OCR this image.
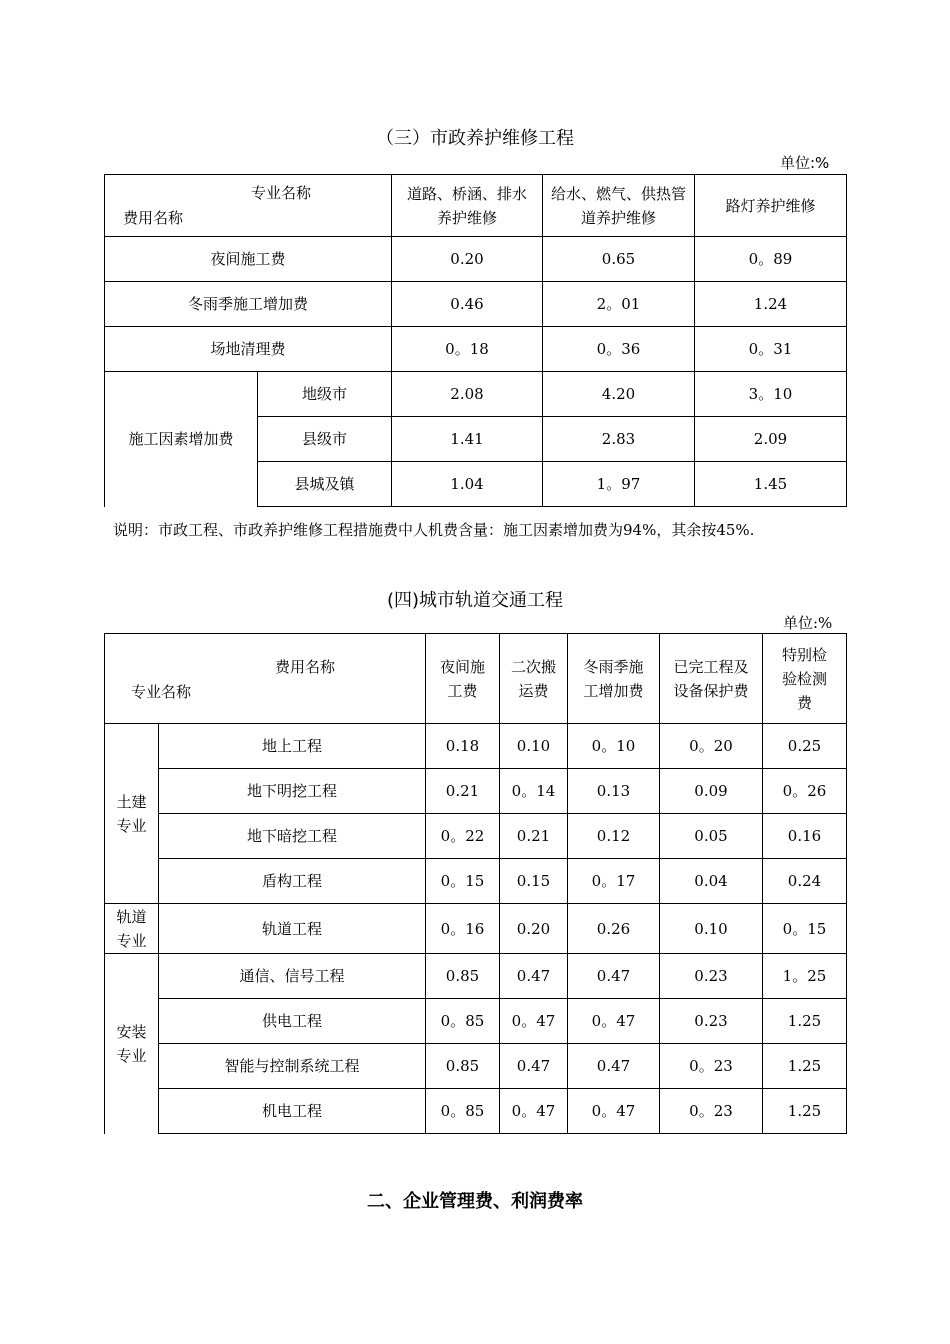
（三）市政养护维修工程
单位:%
专业名称
费用名称		道路、桥涵、排水养护维修	给水、燃气、供热管道养护维修	路灯养护维修
夜间施工费		0.20	0.65	0。89
冬雨季施工增加费		0.46	2。01	1.24
场地清理费		0。18	0。36	0。31
施工因素增加费	地级市	2.08	4.20	3。10
	县级市	1.41	2.83	2.09
	县城及镇	1.04	1。97	1.45
说明：市政工程、市政养护维修工程措施费中人机费含量：施工因素增加费为94%，其余按45%.
(四)城市轨道交通工程
单位:%
费用名称
专业名称		夜间施工费	二次搬运费	冬雨季施工增加费	已完工程及设备保护费	特别检验检测费
土建专业	地上工程	0.18	0.10	0。10	0。20	0.25
	地下明挖工程	0.21	0。14	0.13	0.09	0。26
	地下暗挖工程	0。22	0.21	0.12	0.05	0.16
	盾构工程	0。15	0.15	0。17	0.04	0.24
轨道专业	轨道工程	0。16	0.20	0.26	0.10	0。15
安装专业	通信、信号工程	0.85	0.47	0.47	0.23	1。25
	供电工程	0。85	0。47	0。47	0.23	1.25
	智能与控制系统工程	0.85	0.47	0.47	0。23	1.25
	机电工程	0。85	0。47	0。47	0。23	1.25
二、企业管理费、利润费率
